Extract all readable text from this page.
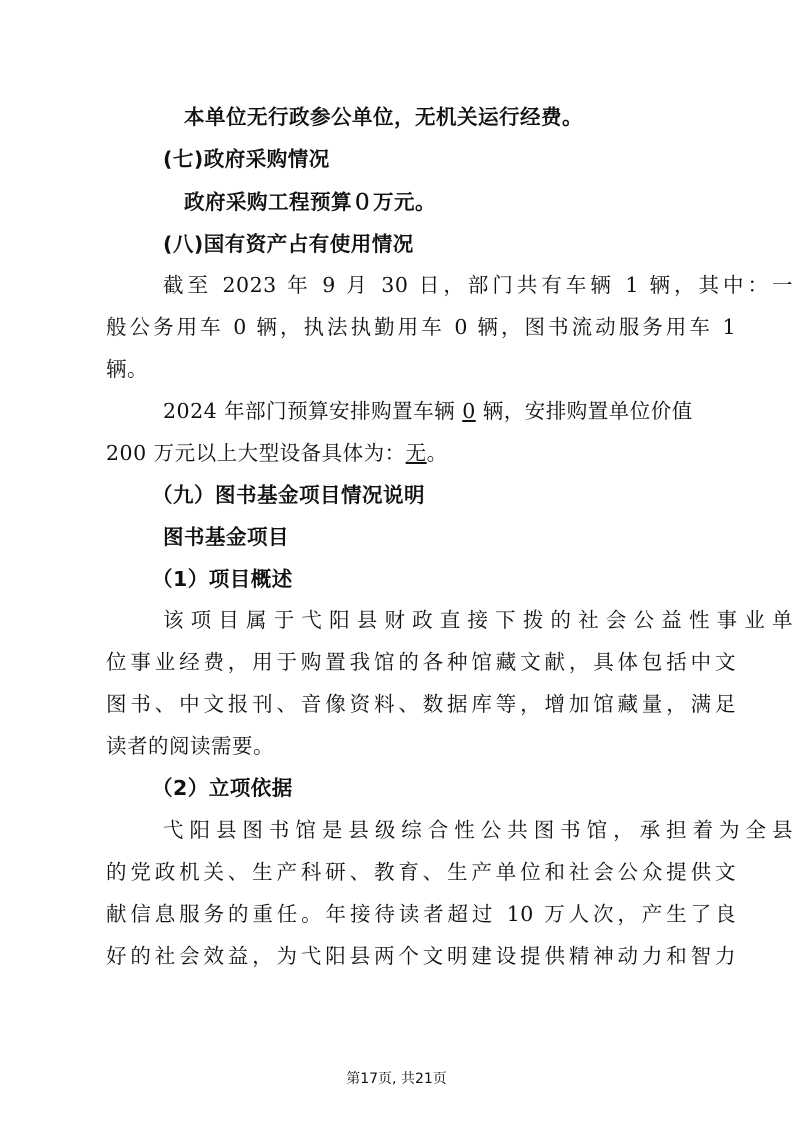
本单位无行政参公单位，无机关运行经费。
(七)政府采购情况
政府采购工程预算０万元。
(八)国有资产占有使用情况
截至 2023 年 9 月 30 日，部门共有车辆 1 辆，其中：一
般公务用车 0 辆，执法执勤用车 0 辆，图书流动服务用车 1
辆。
2024 年部门预算安排购置车辆 0 辆，安排购置单位价值
200 万元以上大型设备具体为：无。
（九）图书基金项目情况说明
图书基金项目
（1）项目概述
该项目属于弋阳县财政直接下拨的社会公益性事业单
位事业经费，用于购置我馆的各种馆藏文献，具体包括中文
图书、中文报刊、音像资料、数据库等，增加馆藏量，满足
读者的阅读需要。
（2）立项依据
弋阳县图书馆是县级综合性公共图书馆，承担着为全县
的党政机关、生产科研、教育、生产单位和社会公众提供文
献信息服务的重任。年接待读者超过 10 万人次，产生了良
好的社会效益，为弋阳县两个文明建设提供精神动力和智力
第17页, 共21页
